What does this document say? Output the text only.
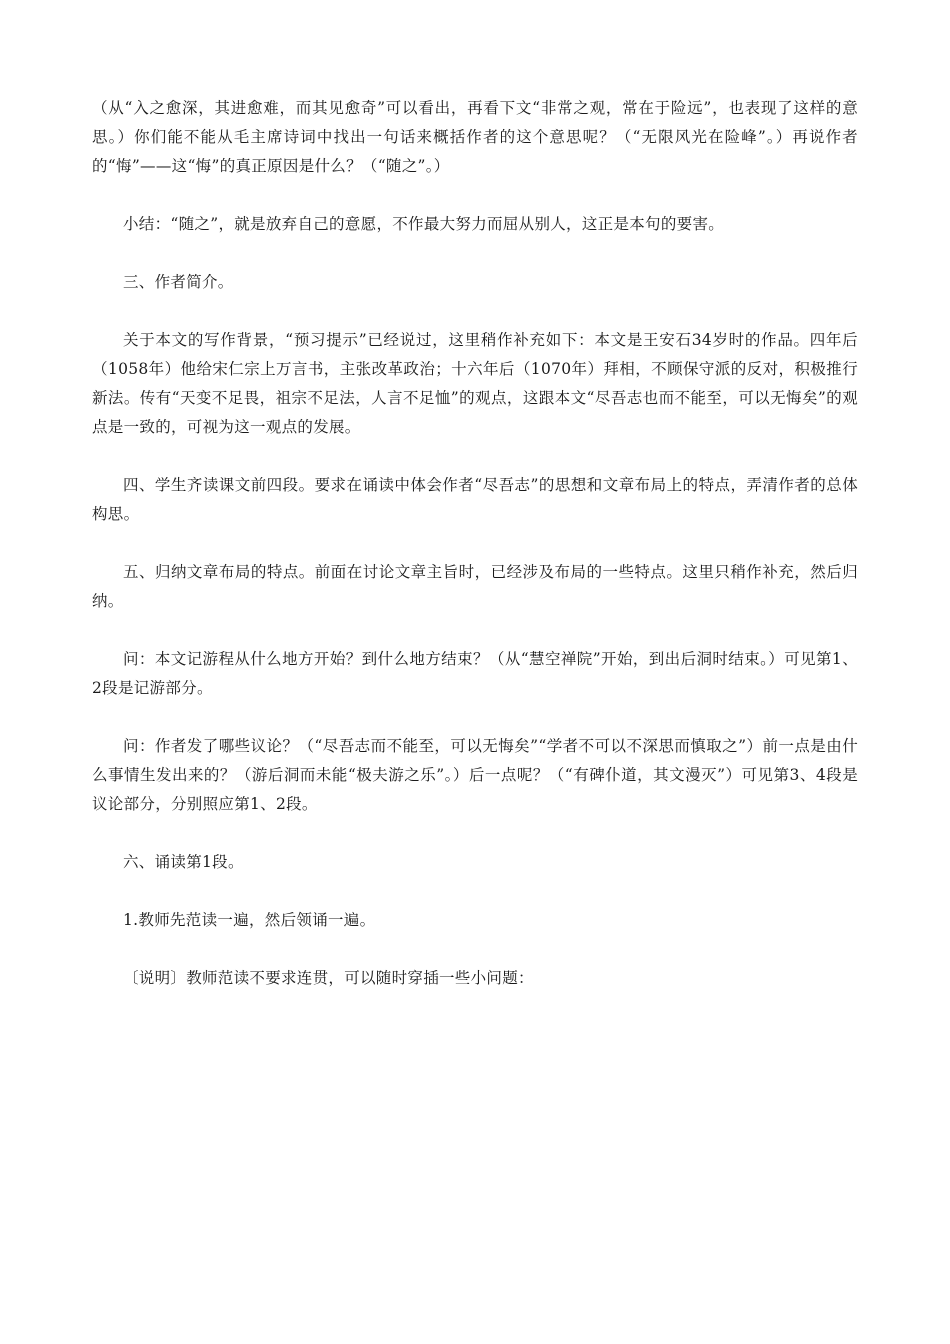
（从“入之愈深，其进愈难，而其见愈奇”可以看出，再看下文“非常之观，常在于险远”，也表现了这样的意思。）你们能不能从毛主席诗词中找出一句话来概括作者的这个意思呢？（“无限风光在险峰”。）再说作者的“悔”——这“悔”的真正原因是什么？（“随之”。）

小结：“随之”，就是放弃自己的意愿，不作最大努力而屈从别人，这正是本句的要害。

三、作者简介。

关于本文的写作背景，“预习提示”已经说过，这里稍作补充如下：本文是王安石34岁时的作品。四年后（1058年）他给宋仁宗上万言书，主张改革政治；十六年后（1070年）拜相，不顾保守派的反对，积极推行新法。传有“天变不足畏，祖宗不足法，人言不足恤”的观点，这跟本文“尽吾志也而不能至，可以无悔矣”的观点是一致的，可视为这一观点的发展。

四、学生齐读课文前四段。要求在诵读中体会作者“尽吾志”的思想和文章布局上的特点，弄清作者的总体构思。

五、归纳文章布局的特点。前面在讨论文章主旨时，已经涉及布局的一些特点。这里只稍作补充，然后归纳。

问：本文记游程从什么地方开始？到什么地方结束？（从“慧空禅院”开始，到出后洞时结束。）可见第1、2段是记游部分。

问：作者发了哪些议论？（“尽吾志而不能至，可以无悔矣”“学者不可以不深思而慎取之”）前一点是由什么事情生发出来的？（游后洞而未能“极夫游之乐”。）后一点呢？（“有碑仆道，其文漫灭”）可见第3、4段是议论部分，分别照应第1、2段。

六、诵读第1段。

1.教师先范读一遍，然后领诵一遍。

〔说明〕教师范读不要求连贯，可以随时穿插一些小问题：
